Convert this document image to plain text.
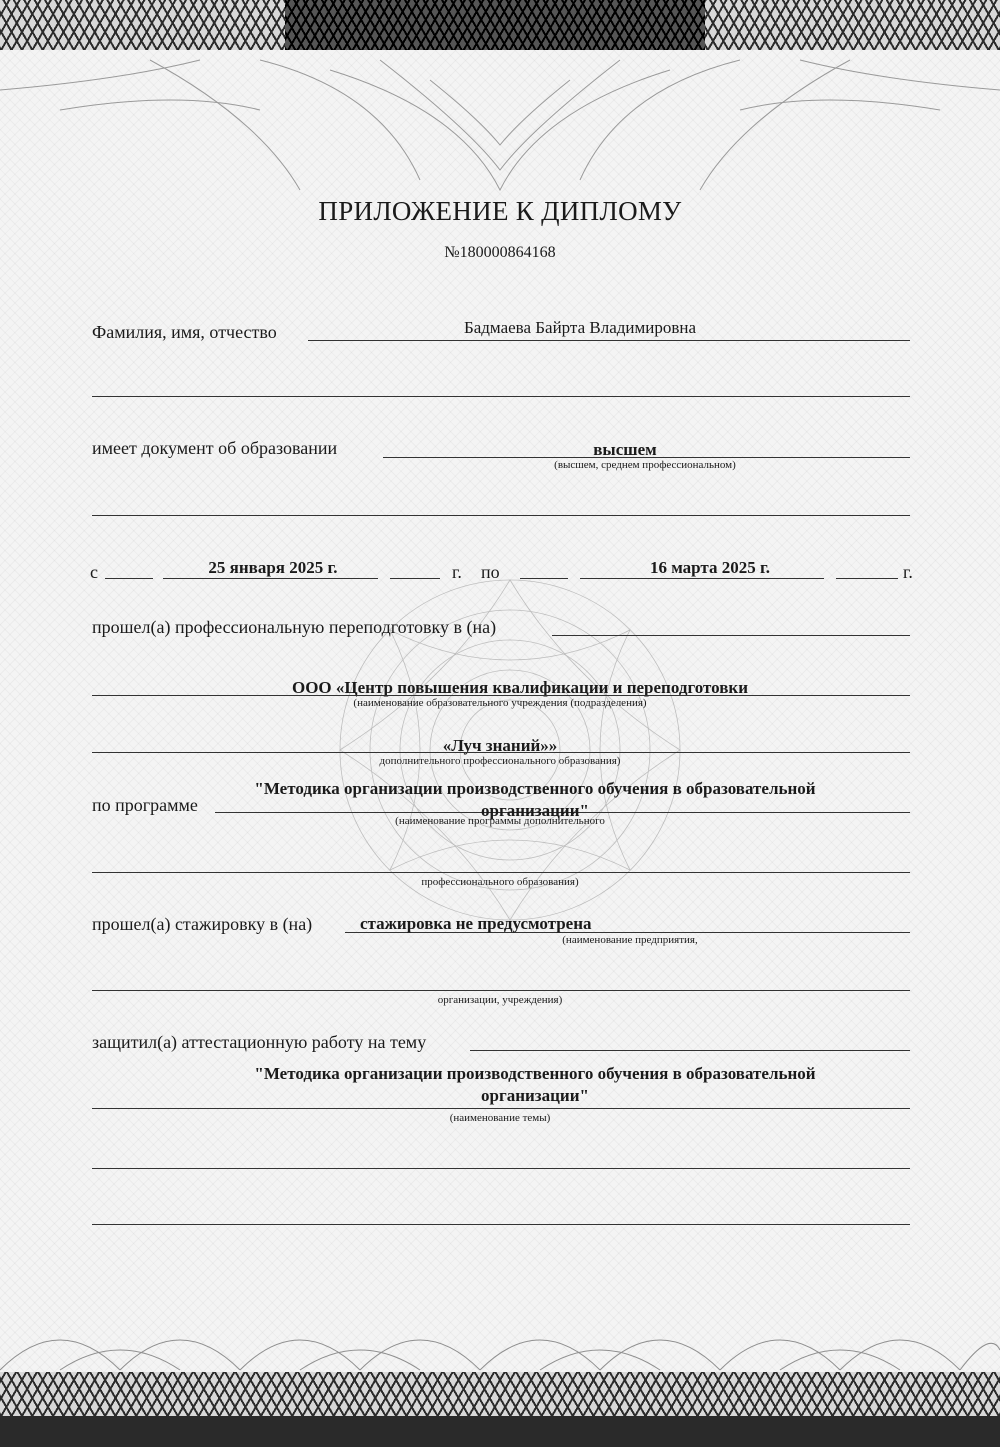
ПРИЛОЖЕНИЕ К ДИПЛОМУ
№180000864168
Фамилия, имя, отчество	Бадмаева Байрта Владимировна
имеет документ об образовании	высшем
(высшем, среднем профессиональном)
с	25 января 2025 г.	г. по	16 марта 2025 г.	г.
прошел(а) профессиональную переподготовку в (на)
ООО «Центр повышения квалификации и переподготовки
(наименование образовательного учреждения (подразделения)
«Луч знаний»»
дополнительного профессионального образования)
по программе
"Методика организации производственного обучения в образовательной организации"
(наименование программы дополнительного
профессионального образования)
прошел(а) стажировку в (на)	стажировка не предусмотрена
(наименование предприятия,
организации, учреждения)
защитил(а) аттестационную работу на тему
"Методика организации производственного обучения в образовательной организации"
(наименование темы)
